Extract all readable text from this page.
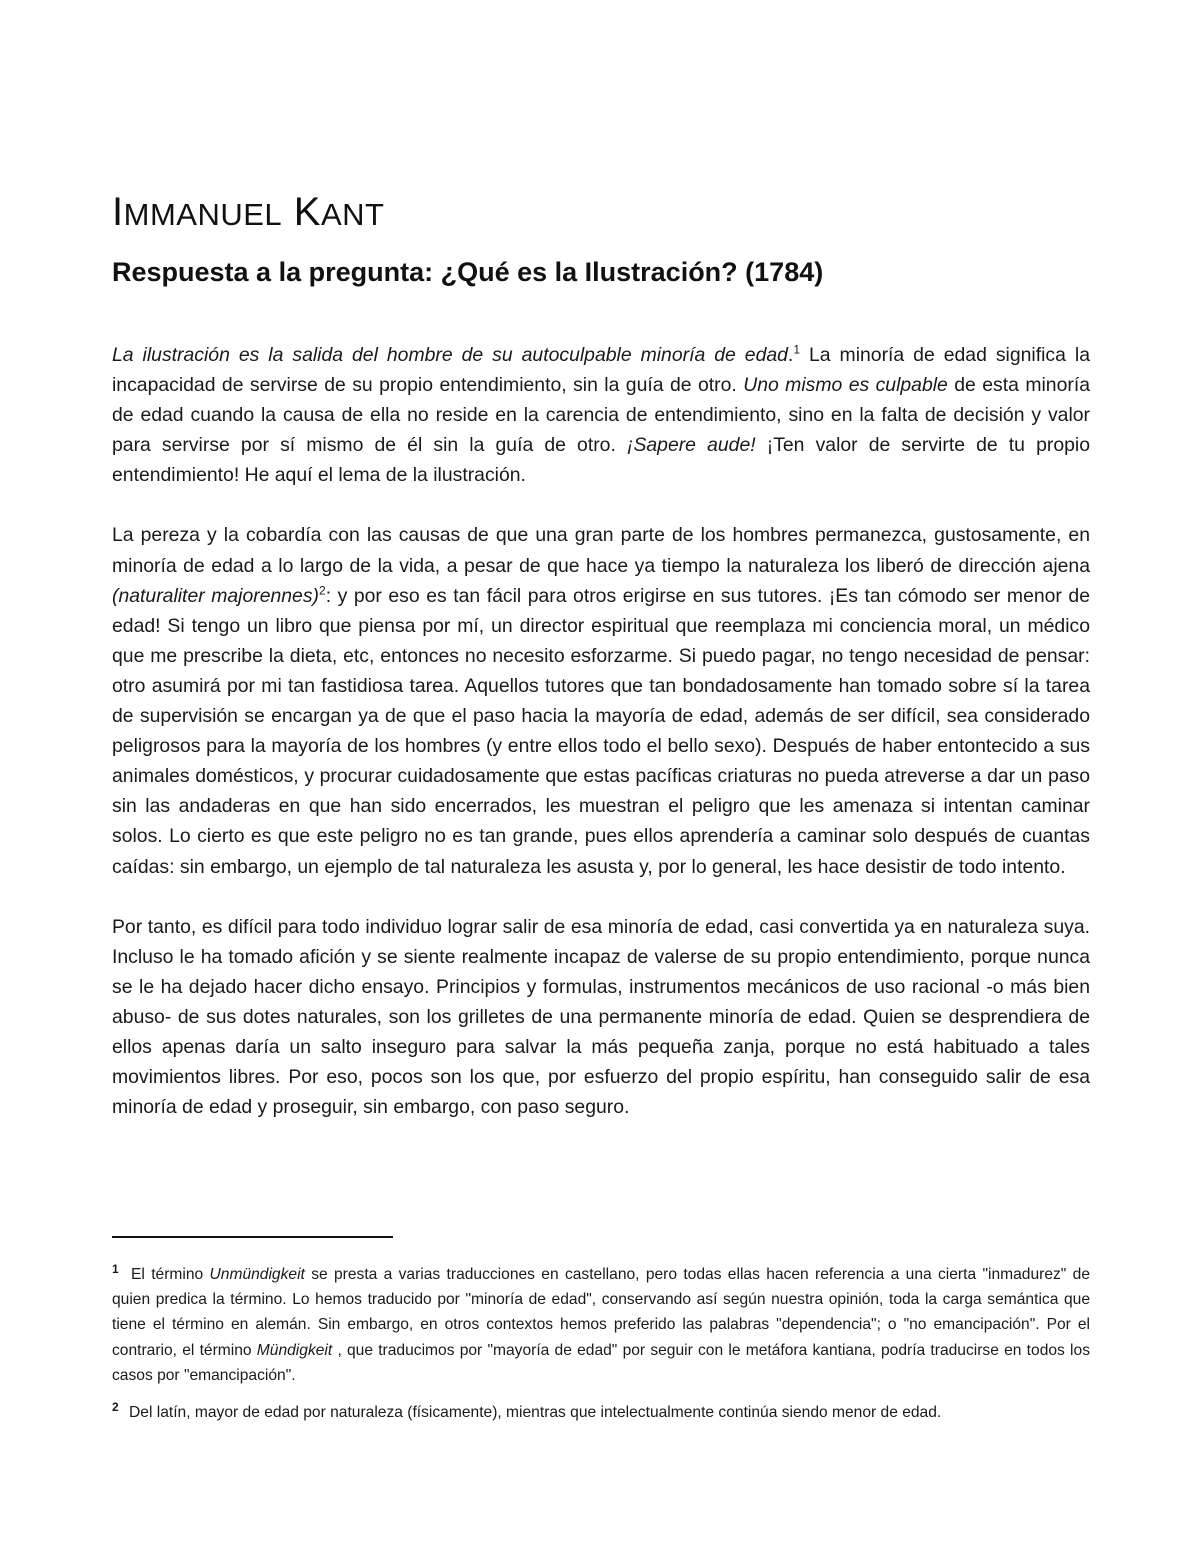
IMMANUEL KANT
Respuesta a la pregunta: ¿Qué es la Ilustración? (1784)

La ilustración es la salida del hombre de su autoculpable minoría de edad.$^1$ La minoría de edad significa la incapacidad de servirse de su propio entendimiento, sin la guía de otro. Uno mismo es culpable de esta minoría de edad cuando la causa de ella no reside en la carencia de entendimiento, sino en la falta de decisión y valor para servirse por sí mismo de él sin la guía de otro. ¡Sapere aude! ¡Ten valor de servirte de tu propio entendimiento! He aquí el lema de la ilustración.

La pereza y la cobardía con las causas de que una gran parte de los hombres permanezca, gustosamente, en minoría de edad a lo largo de la vida, a pesar de que hace ya tiempo la naturaleza los liberó de dirección ajena (naturaliter majorennes)$^2$: y por eso es tan fácil para otros erigirse en sus tutores. ¡Es tan cómodo ser menor de edad! Si tengo un libro que piensa por mí, un director espiritual que reemplaza mi conciencia moral, un médico que me prescribe la dieta, etc, entonces no necesito esforzarme. Si puedo pagar, no tengo necesidad de pensar: otro asumirá por mi tan fastidiosa tarea. Aquellos tutores que tan bondadosamente han tomado sobre sí la tarea de supervisión se encargan ya de que el paso hacia la mayoría de edad, además de ser difícil, sea considerado peligrosos para la mayoría de los hombres (y entre ellos todo el bello sexo). Después de haber entontecido a sus animales domésticos, y procurar cuidadosamente que estas pacíficas criaturas no pueda atreverse a dar un paso sin las andaderas en que han sido encerrados, les muestran el peligro que les amenaza si intentan caminar solos. Lo cierto es que este peligro no es tan grande, pues ellos aprendería a caminar solo después de cuantas caídas: sin embargo, un ejemplo de tal naturaleza les asusta y, por lo general, les hace desistir de todo intento.

Por tanto, es difícil para todo individuo lograr salir de esa minoría de edad, casi convertida ya en naturaleza suya. Incluso le ha tomado afición y se siente realmente incapaz de valerse de su propio entendimiento, porque nunca se le ha dejado hacer dicho ensayo. Principios y formulas, instrumentos mecánicos de uso racional -o más bien abuso- de sus dotes naturales, son los grilletes de una permanente minoría de edad. Quien se desprendiera de ellos apenas daría un salto inseguro para salvar la más pequeña zanja, porque no está habituado a tales movimientos libres. Por eso, pocos son los que, por esfuerzo del propio espíritu, han conseguido salir de esa minoría de edad y proseguir, sin embargo, con paso seguro.

$^1$ El término Unmündigkeit se presta a varias traducciones en castellano, pero todas ellas hacen referencia a una cierta "inmadurez" de quien predica la término. Lo hemos traducido por "minoría de edad", conservando así según nuestra opinión, toda la carga semántica que tiene el término en alemán. Sin embargo, en otros contextos hemos preferido las palabras "dependencia"; o "no emancipación". Por el contrario, el término Mündigkeit , que traducimos por "mayoría de edad" por seguir con le metáfora kantiana, podría traducirse en todos los casos por "emancipación".

$^2$ Del latín, mayor de edad por naturaleza (físicamente), mientras que intelectualmente continúa siendo menor de edad.
